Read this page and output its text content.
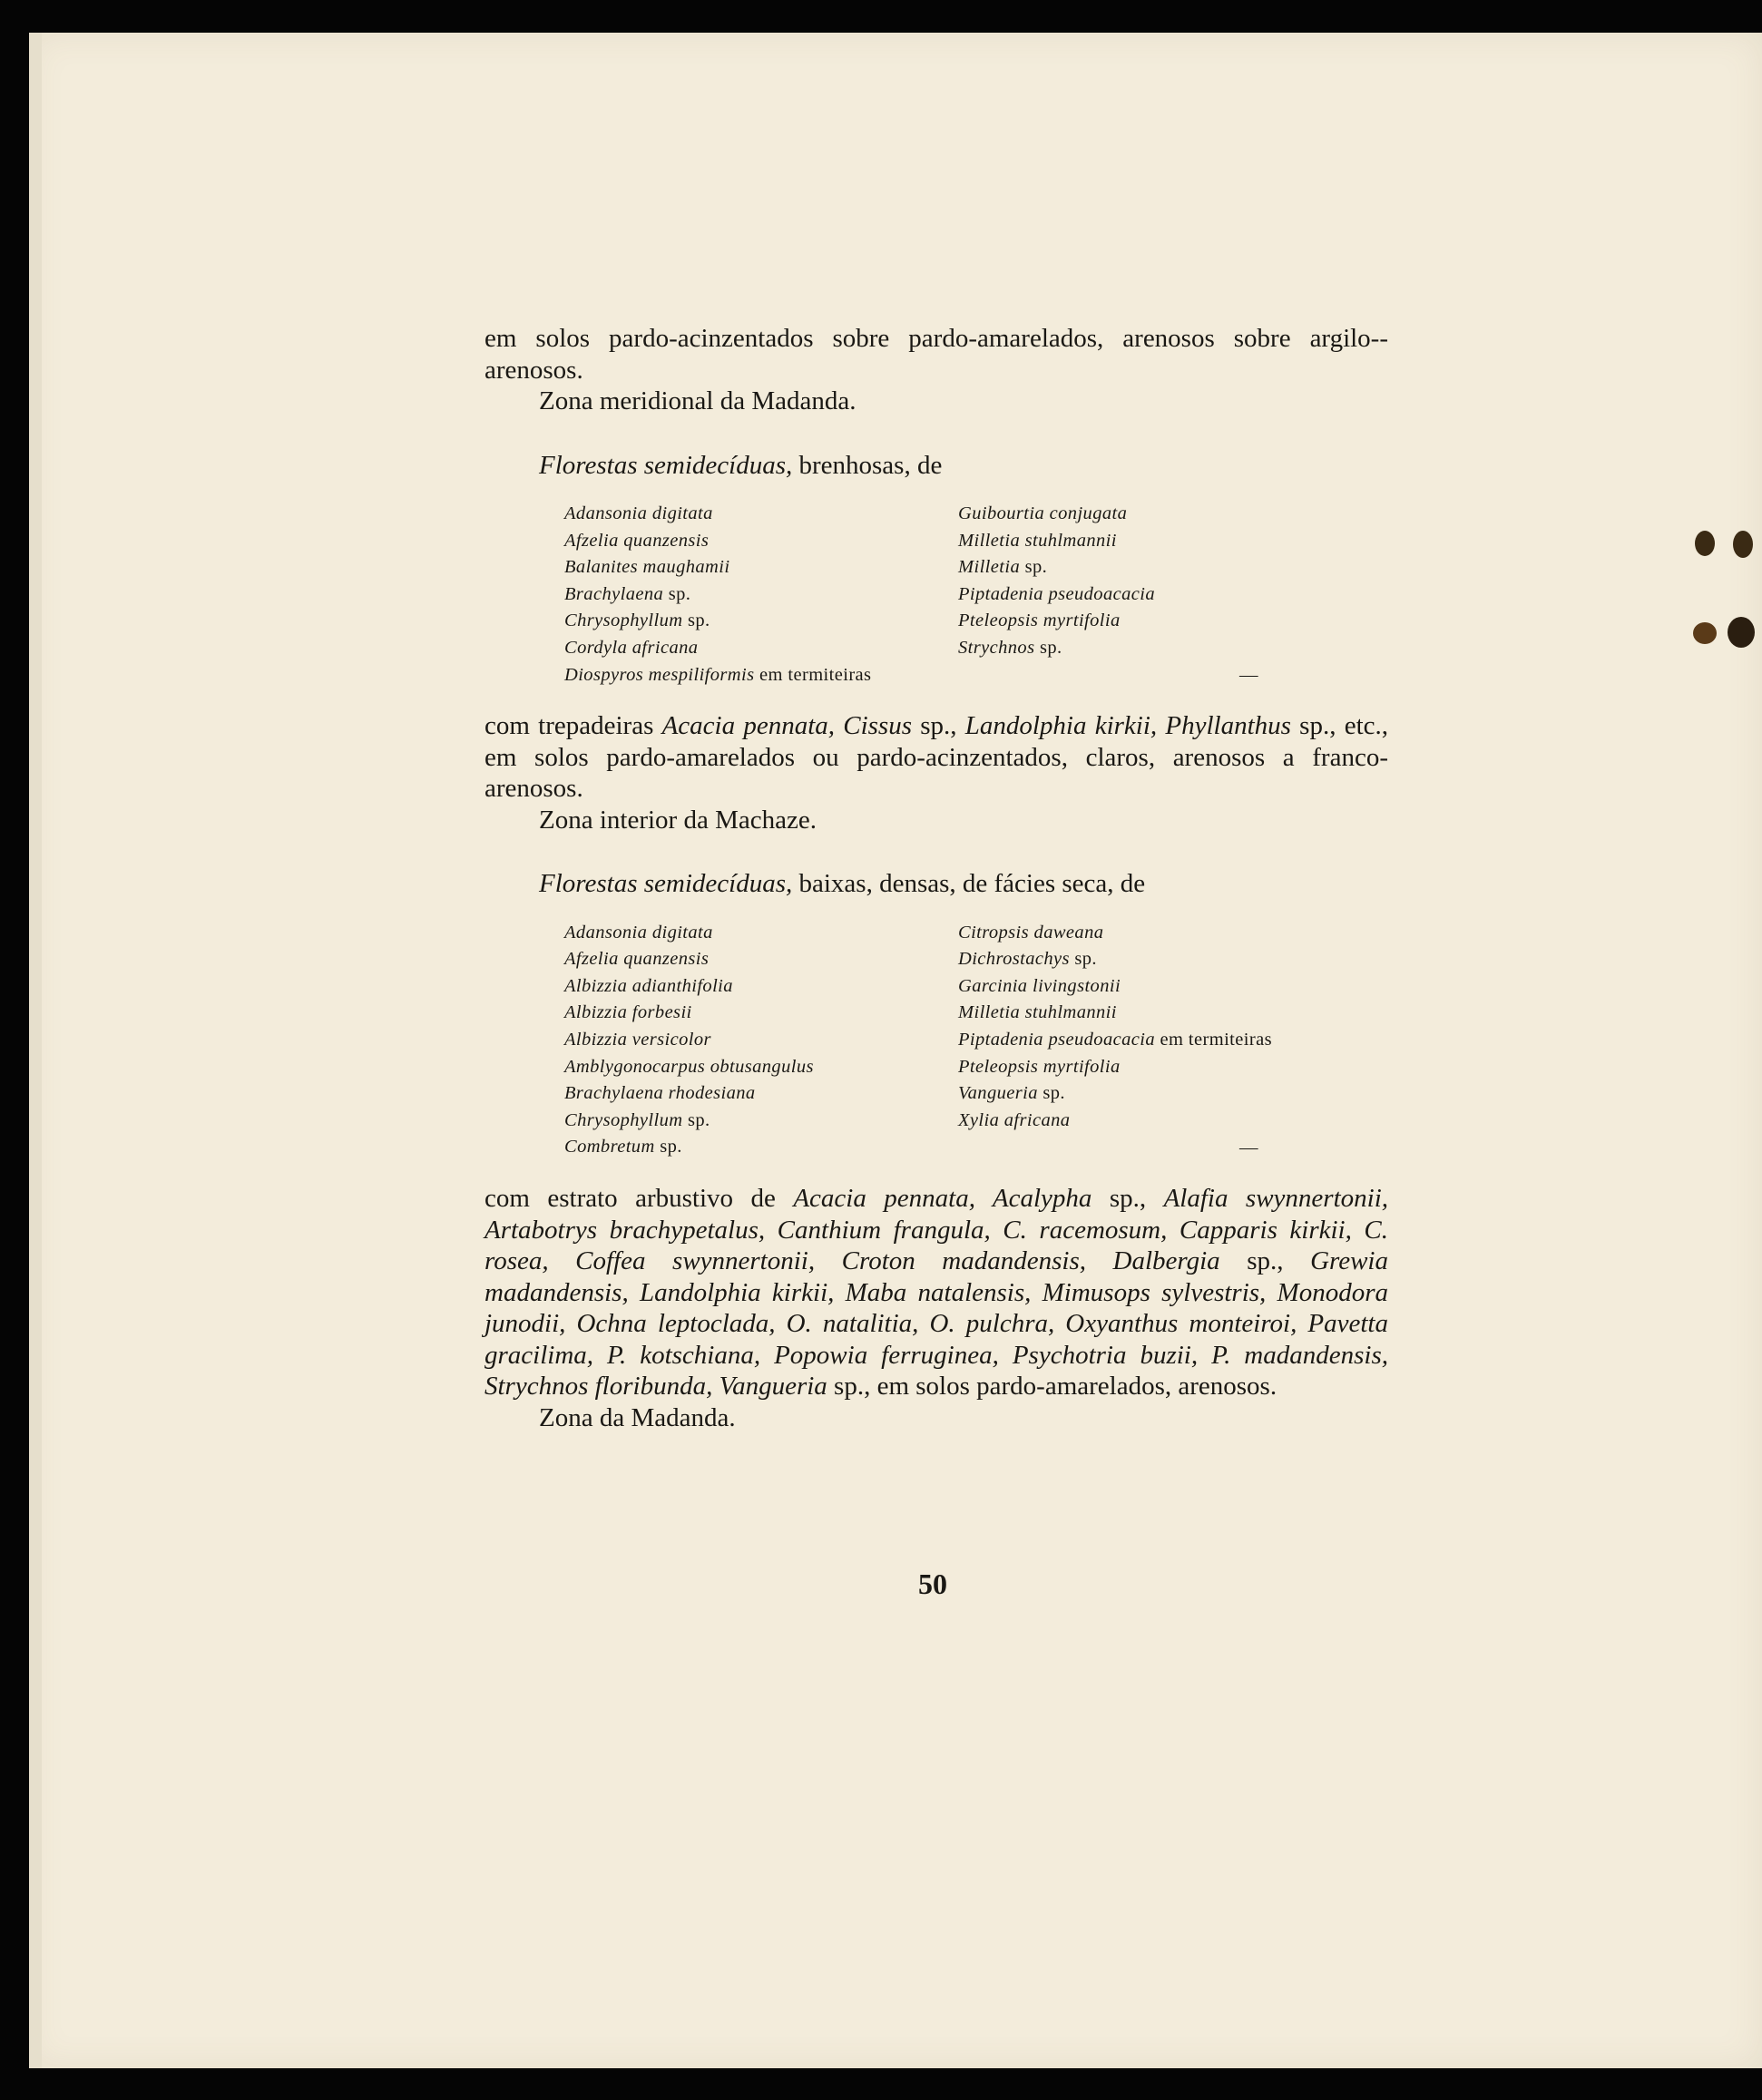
em solos pardo-acinzentados sobre pardo-amarelados, arenosos sobre argilo--arenosos.

Zona meridional da Madanda.

Florestas semidecíduas, brenhosas, de

Adansonia digitata
Afzelia quanzensis
Balanites maughamii
Brachylaena sp.
Chrysophyllum sp.
Cordyla africana
Diospyros mespiliformis em termiteiras
Guibourtia conjugata
Milletia stuhlmannii
Milletia sp.
Piptadenia pseudoacacia
Pteleopsis myrtifolia
Strychnos sp.
—

com trepadeiras Acacia pennata, Cissus sp., Landolphia kirkii, Phyllanthus sp., etc., em solos pardo-amarelados ou pardo-acinzentados, claros, arenosos a franco-arenosos.

Zona interior da Machaze.

Florestas semidecíduas, baixas, densas, de fácies seca, de

Adansonia digitata
Afzelia quanzensis
Albizzia adianthifolia
Albizzia forbesii
Albizzia versicolor
Amblygonocarpus obtusangulus
Brachylaena rhodesiana
Chrysophyllum sp.
Combretum sp.
Citropsis daweana
Dichrostachys sp.
Garcinia livingstonii
Milletia stuhlmannii
Piptadenia pseudoacacia em termiteiras
Pteleopsis myrtifolia
Vangueria sp.
Xylia africana
—

com estrato arbustivo de Acacia pennata, Acalypha sp., Alafia swynnertonii, Artabotrys brachypetalus, Canthium frangula, C. racemosum, Capparis kirkii, C. rosea, Coffea swynnertonii, Croton madandensis, Dalbergia sp., Grewia madandensis, Landolphia kirkii, Maba natalensis, Mimusops sylvestris, Monodora junodii, Ochna leptoclada, O. natalitia, O. pulchra, Oxyanthus monteiroi, Pavetta gracilima, P. kotschiana, Popowia ferruginea, Psychotria buzii, P. madandensis, Strychnos floribunda, Vangueria sp., em solos pardo-amarelados, arenosos.

Zona da Madanda.

50
